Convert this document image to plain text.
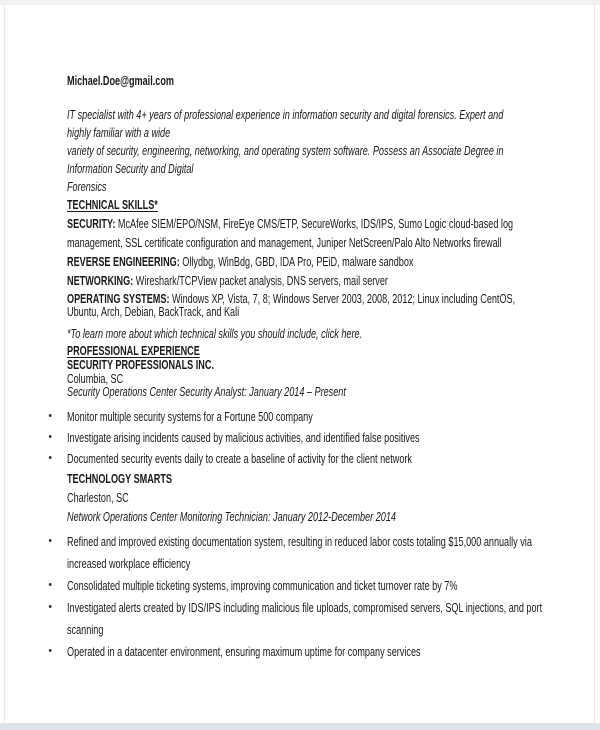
Michael.Doe@gmail.com
IT specialist with 4+ years of professional experience in information security and digital forensics. Expert and
highly familiar with a wide
variety of security, engineering, networking, and operating system software. Possess an Associate Degree in
Information Security and Digital
Forensics
TECHNICAL SKILLS*

SECURITY: McAfee SIEM/EPO/NSM, FireEye CMS/ETP, SecureWorks, IDS/IPS, Sumo Logic cloud-based log management, SSL certificate configuration and management, Juniper NetScreen/Palo Alto Networks firewall

REVERSE ENGINEERING: Ollydbg, WinBdg, GBD, IDA Pro, PEiD, malware sandbox

NETWORKING: Wireshark/TCPView packet analysis, DNS servers, mail server

OPERATING SYSTEMS: Windows XP, Vista, 7, 8; Windows Server 2003, 2008, 2012; Linux including CentOS, Ubuntu, Arch, Debian, BackTrack, and Kali

*To learn more about which technical skills you should include, click here.

PROFESSIONAL EXPERIENCE
SECURITY PROFESSIONALS INC.
Columbia, SC
Security Operations Center Security Analyst: January 2014 – Present
Monitor multiple security systems for a Fortune 500 company
Investigate arising incidents caused by malicious activities, and identified false positives
Documented security events daily to create a baseline of activity for the client network
TECHNOLOGY SMARTS
Charleston, SC
Network Operations Center Monitoring Technician: January 2012-December 2014
Refined and improved existing documentation system, resulting in reduced labor costs totaling $15,000 annually via increased workplace efficiency
Consolidated multiple ticketing systems, improving communication and ticket turnover rate by 7%
Investigated alerts created by IDS/IPS including malicious file uploads, compromised servers, SQL injections, and port scanning
Operated in a datacenter environment, ensuring maximum uptime for company services
